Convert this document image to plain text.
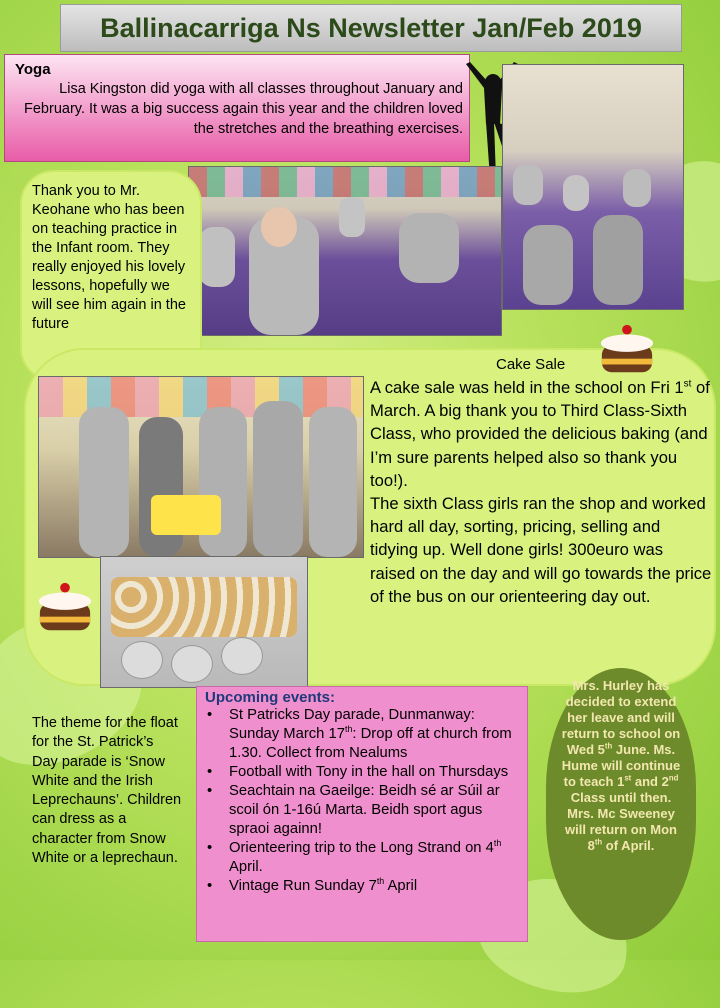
Ballinacarriga Ns Newsletter Jan/Feb 2019
Yoga
Lisa Kingston did yoga with all classes throughout January and February. It was a big success again this year and the children loved the stretches and the breathing exercises.
Thank you to Mr. Keohane who has been on teaching practice in the Infant room. They really enjoyed his lovely lessons, hopefully we will see him again in the future
Cake Sale

A cake sale was held in the school on Fri 1st of March. A big thank you to Third Class-Sixth Class, who provided the delicious baking (and I’m sure parents helped also so thank you too!).

The sixth Class girls ran the shop and worked hard all day, sorting, pricing, selling and tidying up. Well done girls! 300euro was raised on the day and will go towards the price of the bus on our orienteering day out.

The theme for the float for the St. Patrick’s Day parade is ‘Snow White and the Irish Leprechauns’. Children can dress as a character from Snow White or a leprechaun.
Upcoming events:
• St Patricks Day parade, Dunmanway: Sunday March 17th: Drop off at church from 1.30. Collect from Nealums
• Football with Tony in the hall on Thursdays
• Seachtain na Gaeilge: Beidh sé ar Súil ar scoil ón 1-16ú Marta. Beidh sport agus spraoi againn!
• Orienteering trip to the Long Strand on 4th April.
• Vintage Run Sunday 7th April
Mrs. Hurley has decided to extend her leave and will return to school on Wed 5th June. Ms. Hume will continue to teach 1st and 2nd Class until then. Mrs. Mc Sweeney will return on Mon 8th of April.
